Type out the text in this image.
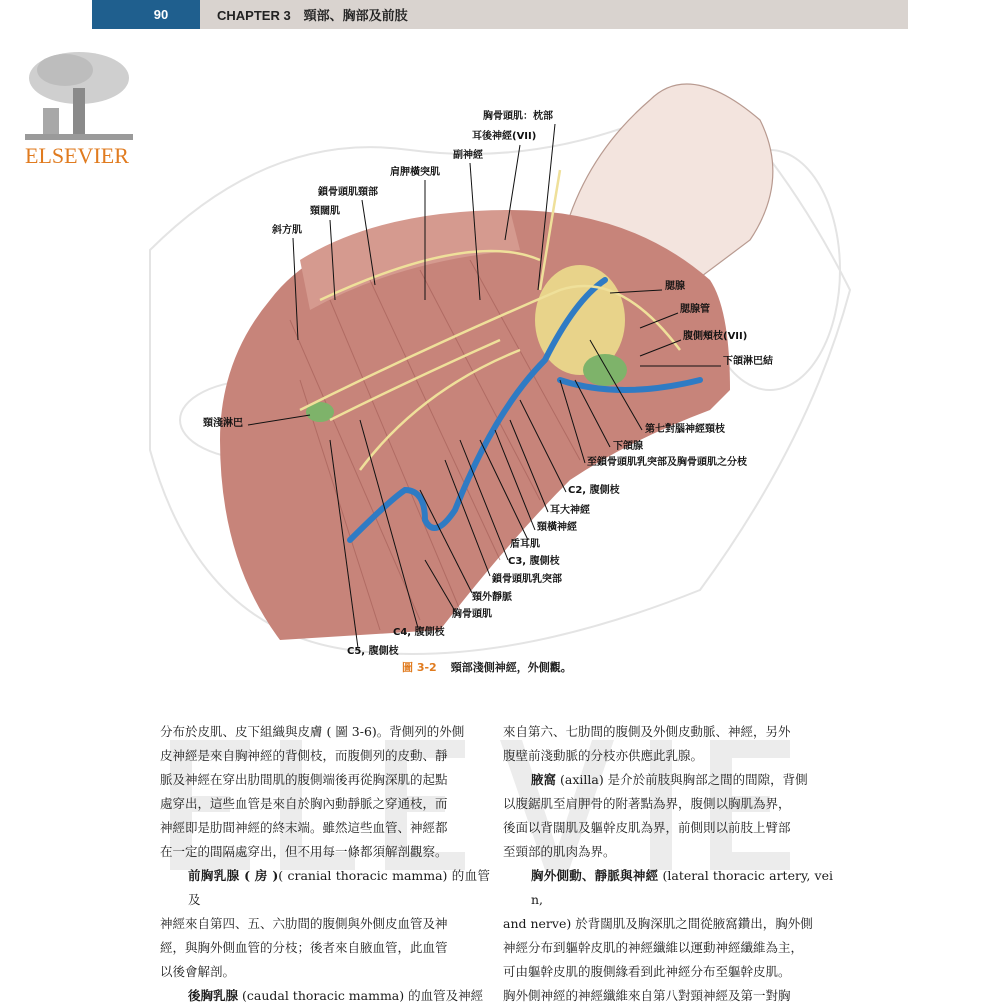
90	CHAPTER 3　頸部、胸部及前肢
ELSEVIER
胸骨頭肌：枕部
耳後神經(VII)
副神經
肩胛橫突肌
鎖骨頭肌頸部
頸闊肌
斜方肌
腮腺
腮腺管
腹側頰枝(VII)
下頜淋巴結
頸淺淋巴
第七對腦神經頸枝
下頜腺
至鎖骨頭肌乳突部及胸骨頭肌之分枝
C2, 腹側枝
耳大神經
頸橫神經
盾耳肌
C3, 腹側枝
鎖骨頭肌乳突部
頸外靜脈
胸骨頭肌
C4, 腹側枝
C5, 腹側枝
圖 3-2 頸部淺側神經，外側觀。
分布於皮肌、皮下組織與皮膚 ( 圖 3-6)。背側列的外側
皮神經是來自胸神經的背側枝，而腹側列的皮動、靜
脈及神經在穿出肋間肌的腹側端後再從胸深肌的起點
處穿出，這些血管是來自於胸內動靜脈之穿通枝，而
神經即是肋間神經的終末端。雖然這些血管、神經都
在一定的間隔處穿出，但不用每一條都須解剖觀察。
前胸乳腺 ( 房 )( cranial thoracic mamma) 的血管及
神經來自第四、五、六肋間的腹側與外側皮血管及神
經，與胸外側血管的分枝；後者來自腋血管，此血管
以後會解剖。
後胸乳腺 (caudal thoracic mamma) 的血管及神經
來自第六、七肋間的腹側及外側皮動脈、神經，另外
腹壁前淺動脈的分枝亦供應此乳腺。
腋窩 (axilla) 是介於前肢與胸部之間的間隙，背側
以腹鋸肌至肩胛骨的附著點為界，腹側以胸肌為界，
後面以背闊肌及軀幹皮肌為界，前側則以前肢上臂部
至頸部的肌肉為界。
胸外側動、靜脈與神經 (lateral thoracic artery, vein,
and nerve) 於背闊肌及胸深肌之間從腋窩鑽出，胸外側
神經分布到軀幹皮肌的神經纖維以運動神經纖維為主，
可由軀幹皮肌的腹側緣看到此神經分布至軀幹皮肌。
胸外側神經的神經纖維來自第八對頸神經及第一對胸
